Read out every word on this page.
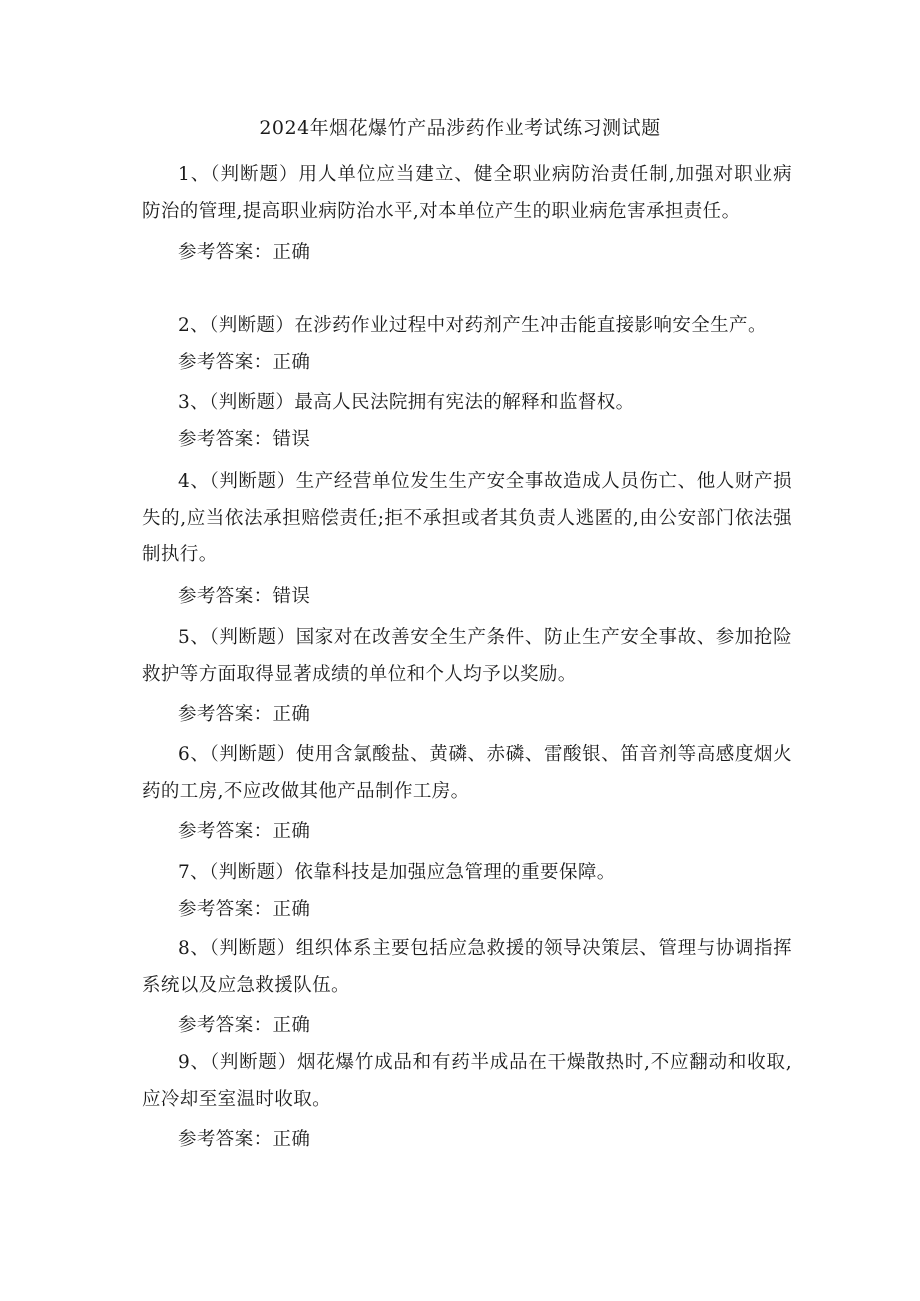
2024年烟花爆竹产品涉药作业考试练习测试题

1、（判断题）用人单位应当建立、健全职业病防治责任制,加强对职业病防治的管理,提高职业病防治水平,对本单位产生的职业病危害承担责任。

参考答案：正确

2、（判断题）在涉药作业过程中对药剂产生冲击能直接影响安全生产。

参考答案：正确

3、（判断题）最高人民法院拥有宪法的解释和监督权。

参考答案：错误

4、（判断题）生产经营单位发生生产安全事故造成人员伤亡、他人财产损失的,应当依法承担赔偿责任;拒不承担或者其负责人逃匿的,由公安部门依法强制执行。

参考答案：错误

5、（判断题）国家对在改善安全生产条件、防止生产安全事故、参加抢险救护等方面取得显著成绩的单位和个人均予以奖励。

参考答案：正确

6、（判断题）使用含氯酸盐、黄磷、赤磷、雷酸银、笛音剂等高感度烟火药的工房,不应改做其他产品制作工房。

参考答案：正确

7、（判断题）依靠科技是加强应急管理的重要保障。

参考答案：正确

8、（判断题）组织体系主要包括应急救援的领导决策层、管理与协调指挥系统以及应急救援队伍。

参考答案：正确

9、（判断题）烟花爆竹成品和有药半成品在干燥散热时,不应翻动和收取,应冷却至室温时收取。

参考答案：正确
